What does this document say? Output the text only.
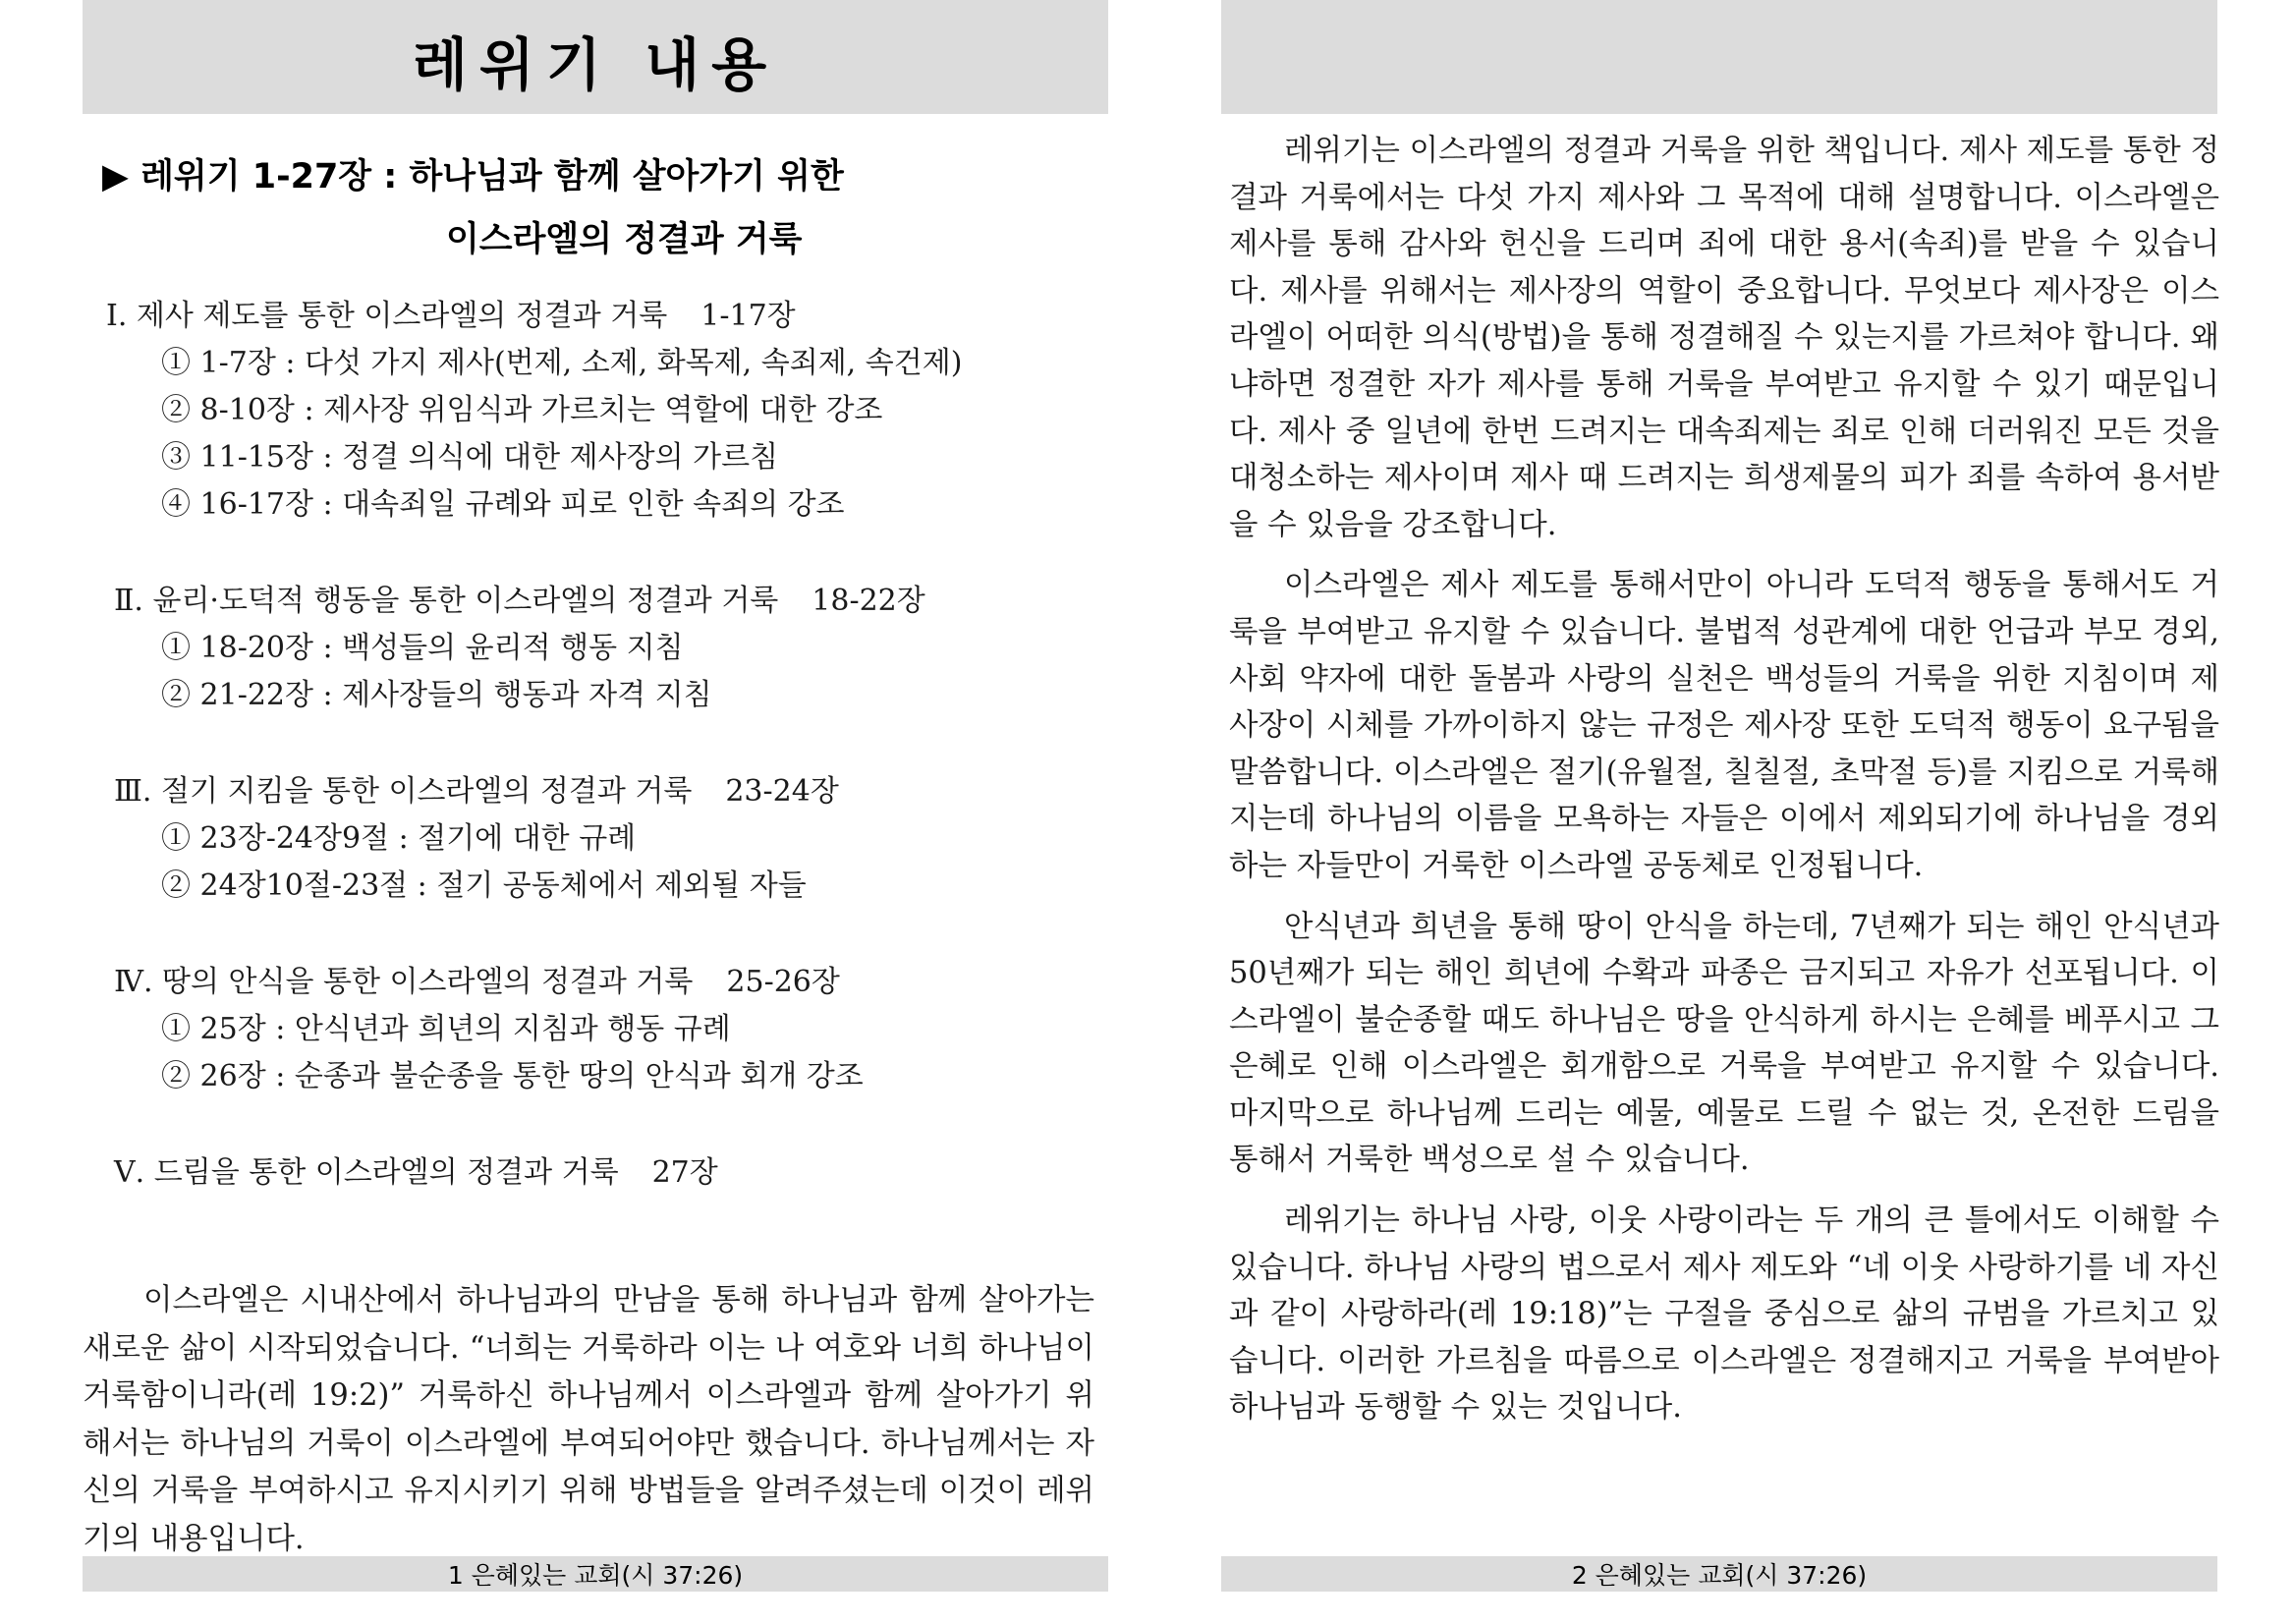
레위기 내용
▶ 레위기 1-27장 : 하나님과 함께 살아가기 위한
이스라엘의 정결과 거룩
Ⅰ. 제사 제도를 통한 이스라엘의 정결과 거룩 1-17장
① 1-7장 : 다섯 가지 제사(번제, 소제, 화목제, 속죄제, 속건제)
② 8-10장 : 제사장 위임식과 가르치는 역할에 대한 강조
③ 11-15장 : 정결 의식에 대한 제사장의 가르침
④ 16-17장 : 대속죄일 규례와 피로 인한 속죄의 강조
Ⅱ. 윤리·도덕적 행동을 통한 이스라엘의 정결과 거룩 18-22장
① 18-20장 : 백성들의 윤리적 행동 지침
② 21-22장 : 제사장들의 행동과 자격 지침
Ⅲ. 절기 지킴을 통한 이스라엘의 정결과 거룩 23-24장
① 23장-24장9절 : 절기에 대한 규례
② 24장10절-23절 : 절기 공동체에서 제외될 자들
Ⅳ. 땅의 안식을 통한 이스라엘의 정결과 거룩 25-26장
① 25장 : 안식년과 희년의 지침과 행동 규례
② 26장 : 순종과 불순종을 통한 땅의 안식과 회개 강조
Ⅴ. 드림을 통한 이스라엘의 정결과 거룩 27장

이스라엘은 시내산에서 하나님과의 만남을 통해 하나님과 함께 살아가는 새로운 삶이 시작되었습니다. “너희는 거룩하라 이는 나 여호와 너희 하나님이 거룩함이니라(레 19:2)” 거룩하신 하나님께서 이스라엘과 함께 살아가기 위해서는 하나님의 거룩이 이스라엘에 부여되어야만 했습니다. 하나님께서는 자신의 거룩을 부여하시고 유지시키기 위해 방법들을 알려주셨는데 이것이 레위기의 내용입니다.

1 은혜있는 교회(시 37:26)

레위기는 이스라엘의 정결과 거룩을 위한 책입니다. 제사 제도를 통한 정결과 거룩에서는 다섯 가지 제사와 그 목적에 대해 설명합니다. 이스라엘은 제사를 통해 감사와 헌신을 드리며 죄에 대한 용서(속죄)를 받을 수 있습니다. 제사를 위해서는 제사장의 역할이 중요합니다. 무엇보다 제사장은 이스라엘이 어떠한 의식(방법)을 통해 정결해질 수 있는지를 가르쳐야 합니다. 왜냐하면 정결한 자가 제사를 통해 거룩을 부여받고 유지할 수 있기 때문입니다. 제사 중 일년에 한번 드려지는 대속죄제는 죄로 인해 더러워진 모든 것을 대청소하는 제사이며 제사 때 드려지는 희생제물의 피가 죄를 속하여 용서받을 수 있음을 강조합니다.

이스라엘은 제사 제도를 통해서만이 아니라 도덕적 행동을 통해서도 거룩을 부여받고 유지할 수 있습니다. 불법적 성관계에 대한 언급과 부모 경외, 사회 약자에 대한 돌봄과 사랑의 실천은 백성들의 거룩을 위한 지침이며 제사장이 시체를 가까이하지 않는 규정은 제사장 또한 도덕적 행동이 요구됨을 말씀합니다. 이스라엘은 절기(유월절, 칠칠절, 초막절 등)를 지킴으로 거룩해지는데 하나님의 이름을 모욕하는 자들은 이에서 제외되기에 하나님을 경외하는 자들만이 거룩한 이스라엘 공동체로 인정됩니다.

안식년과 희년을 통해 땅이 안식을 하는데, 7년째가 되는 해인 안식년과 50년째가 되는 해인 희년에 수확과 파종은 금지되고 자유가 선포됩니다. 이스라엘이 불순종할 때도 하나님은 땅을 안식하게 하시는 은혜를 베푸시고 그 은혜로 인해 이스라엘은 회개함으로 거룩을 부여받고 유지할 수 있습니다. 마지막으로 하나님께 드리는 예물, 예물로 드릴 수 없는 것, 온전한 드림을 통해서 거룩한 백성으로 설 수 있습니다.

레위기는 하나님 사랑, 이웃 사랑이라는 두 개의 큰 틀에서도 이해할 수 있습니다. 하나님 사랑의 법으로서 제사 제도와 “네 이웃 사랑하기를 네 자신과 같이 사랑하라(레 19:18)”는 구절을 중심으로 삶의 규범을 가르치고 있습니다. 이러한 가르침을 따름으로 이스라엘은 정결해지고 거룩을 부여받아 하나님과 동행할 수 있는 것입니다.

2 은혜있는 교회(시 37:26)
